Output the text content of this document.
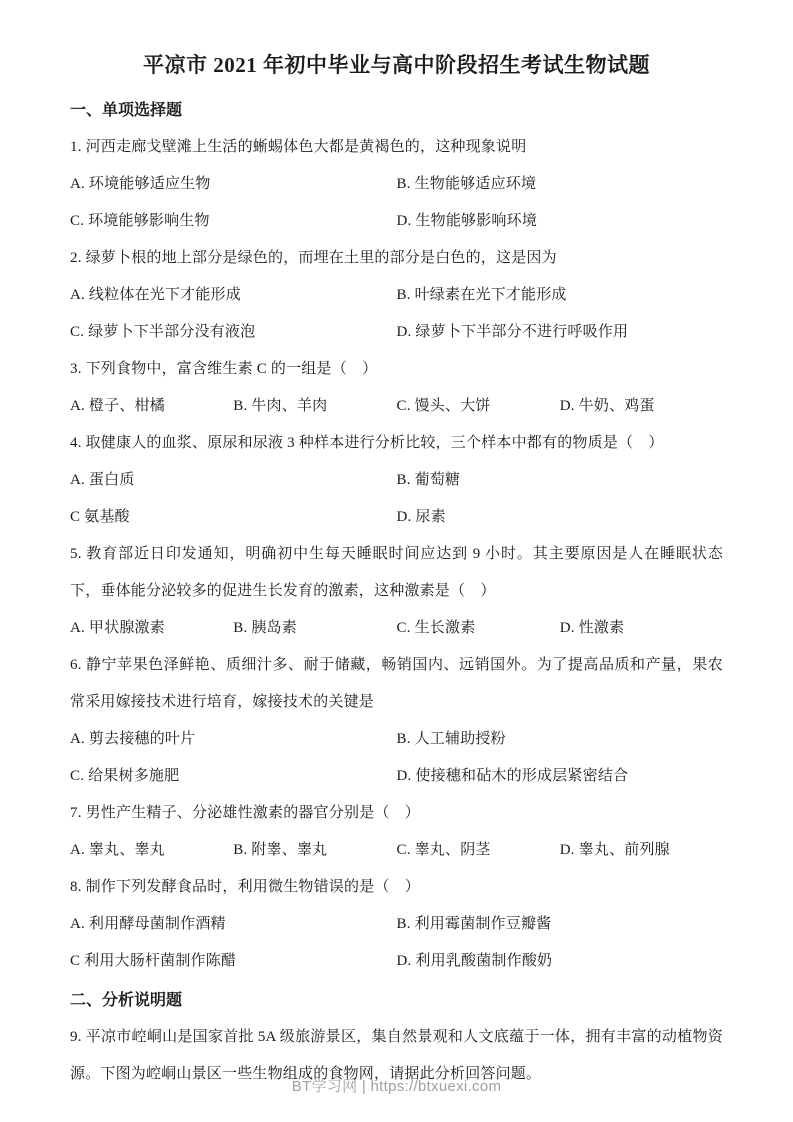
平凉市 2021 年初中毕业与高中阶段招生考试生物试题
一、单项选择题
1. 河西走廊戈壁滩上生活的蜥蜴体色大都是黄褐色的，这种现象说明
A. 环境能够适应生物	B. 生物能够适应环境
C. 环境能够影响生物	D. 生物能够影响环境
2. 绿萝卜根的地上部分是绿色的，而埋在土里的部分是白色的，这是因为
A. 线粒体在光下才能形成	B. 叶绿素在光下才能形成
C. 绿萝卜下半部分没有液泡	D. 绿萝卜下半部分不进行呼吸作用
3. 下列食物中，富含维生素 C 的一组是（　）
A. 橙子、柑橘	B. 牛肉、羊肉	C. 馒头、大饼	D. 牛奶、鸡蛋
4. 取健康人的血浆、原尿和尿液 3 种样本进行分析比较，三个样本中都有的物质是（　）
A. 蛋白质	B. 葡萄糖
C 氨基酸	D. 尿素
5. 教育部近日印发通知，明确初中生每天睡眠时间应达到 9 小时。其主要原因是人在睡眠状态下，垂体能分泌较多的促进生长发育的激素，这种激素是（　）
A. 甲状腺激素	B. 胰岛素	C. 生长激素	D. 性激素
6. 静宁苹果色泽鲜艳、质细汁多、耐于储藏，畅销国内、远销国外。为了提高品质和产量，果农常采用嫁接技术进行培育，嫁接技术的关键是
A. 剪去接穗的叶片	B. 人工辅助授粉
C. 给果树多施肥	D. 使接穗和砧木的形成层紧密结合
7. 男性产生精子、分泌雄性激素的器官分别是（　）
A. 睾丸、睾丸	B. 附睾、睾丸	C. 睾丸、阴茎	D. 睾丸、前列腺
8. 制作下列发酵食品时，利用微生物错误的是（　）
A. 利用酵母菌制作酒精	B. 利用霉菌制作豆瓣酱
C 利用大肠杆菌制作陈醋	D. 利用乳酸菌制作酸奶
二、分析说明题
9. 平凉市崆峒山是国家首批 5A 级旅游景区，集自然景观和人文底蕴于一体，拥有丰富的动植物资源。下图为崆峒山景区一些生物组成的食物网，请据此分析回答问题。
BT学习网 | https://btxuexi.com
